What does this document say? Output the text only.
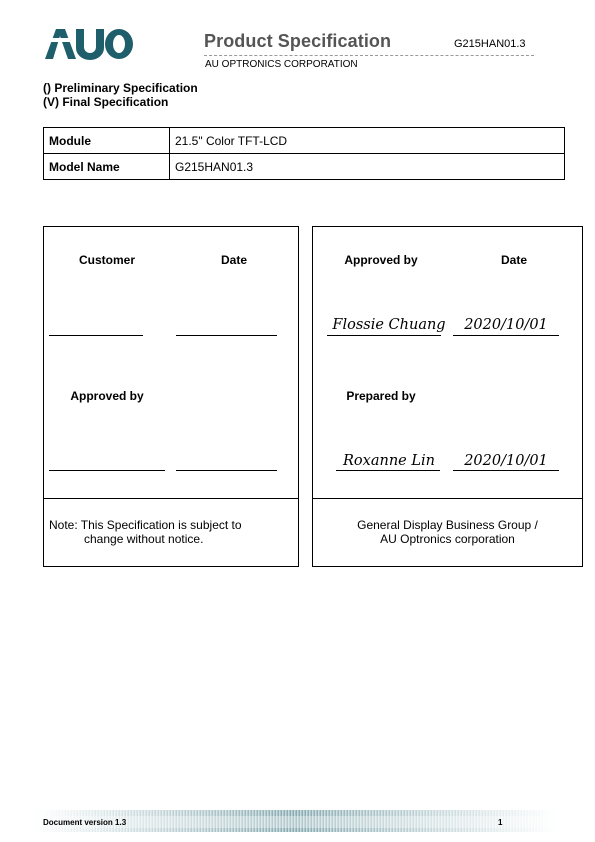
Product Specification	G215HAN01.3
AU OPTRONICS CORPORATION
() Preliminary Specification
(V) Final Specification
Module	21.5" Color TFT-LCD
Model Name	G215HAN01.3
Customer	Date
Approved by
Note: This Specification is subject to
change without notice.
Approved by	Date
Flossie Chuang	2020/10/01
Prepared by
Roxanne Lin	2020/10/01
General Display Business Group /
AU Optronics corporation
Document version 1.3	1
